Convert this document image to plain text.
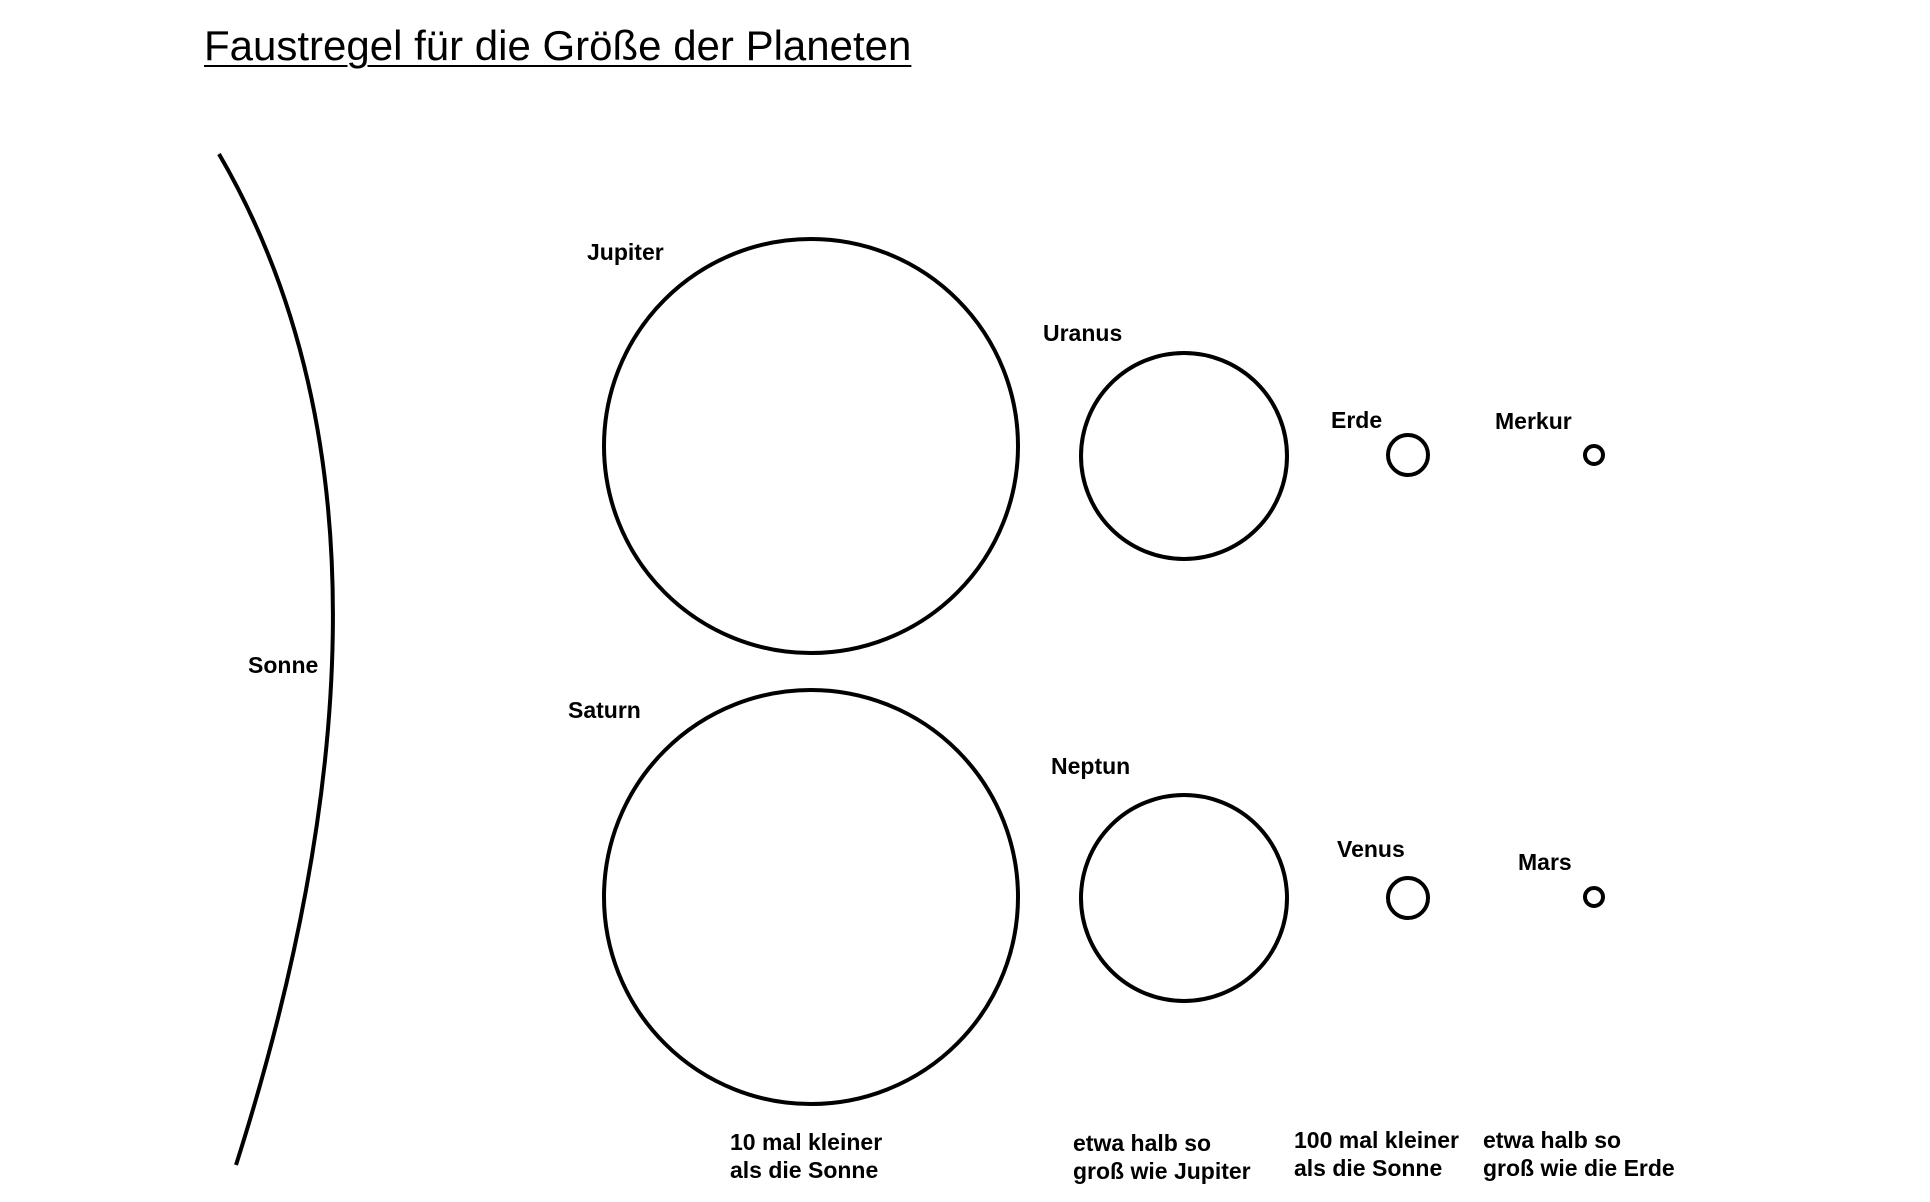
Faustregel für die Größe der Planeten
Sonne
Jupiter
Saturn
Uranus
Neptun
Erde
Venus
Merkur
Mars
10 mal kleiner
als die Sonne
etwa halb so
groß wie Jupiter
100 mal kleiner
als die Sonne
etwa halb so
groß wie die Erde
